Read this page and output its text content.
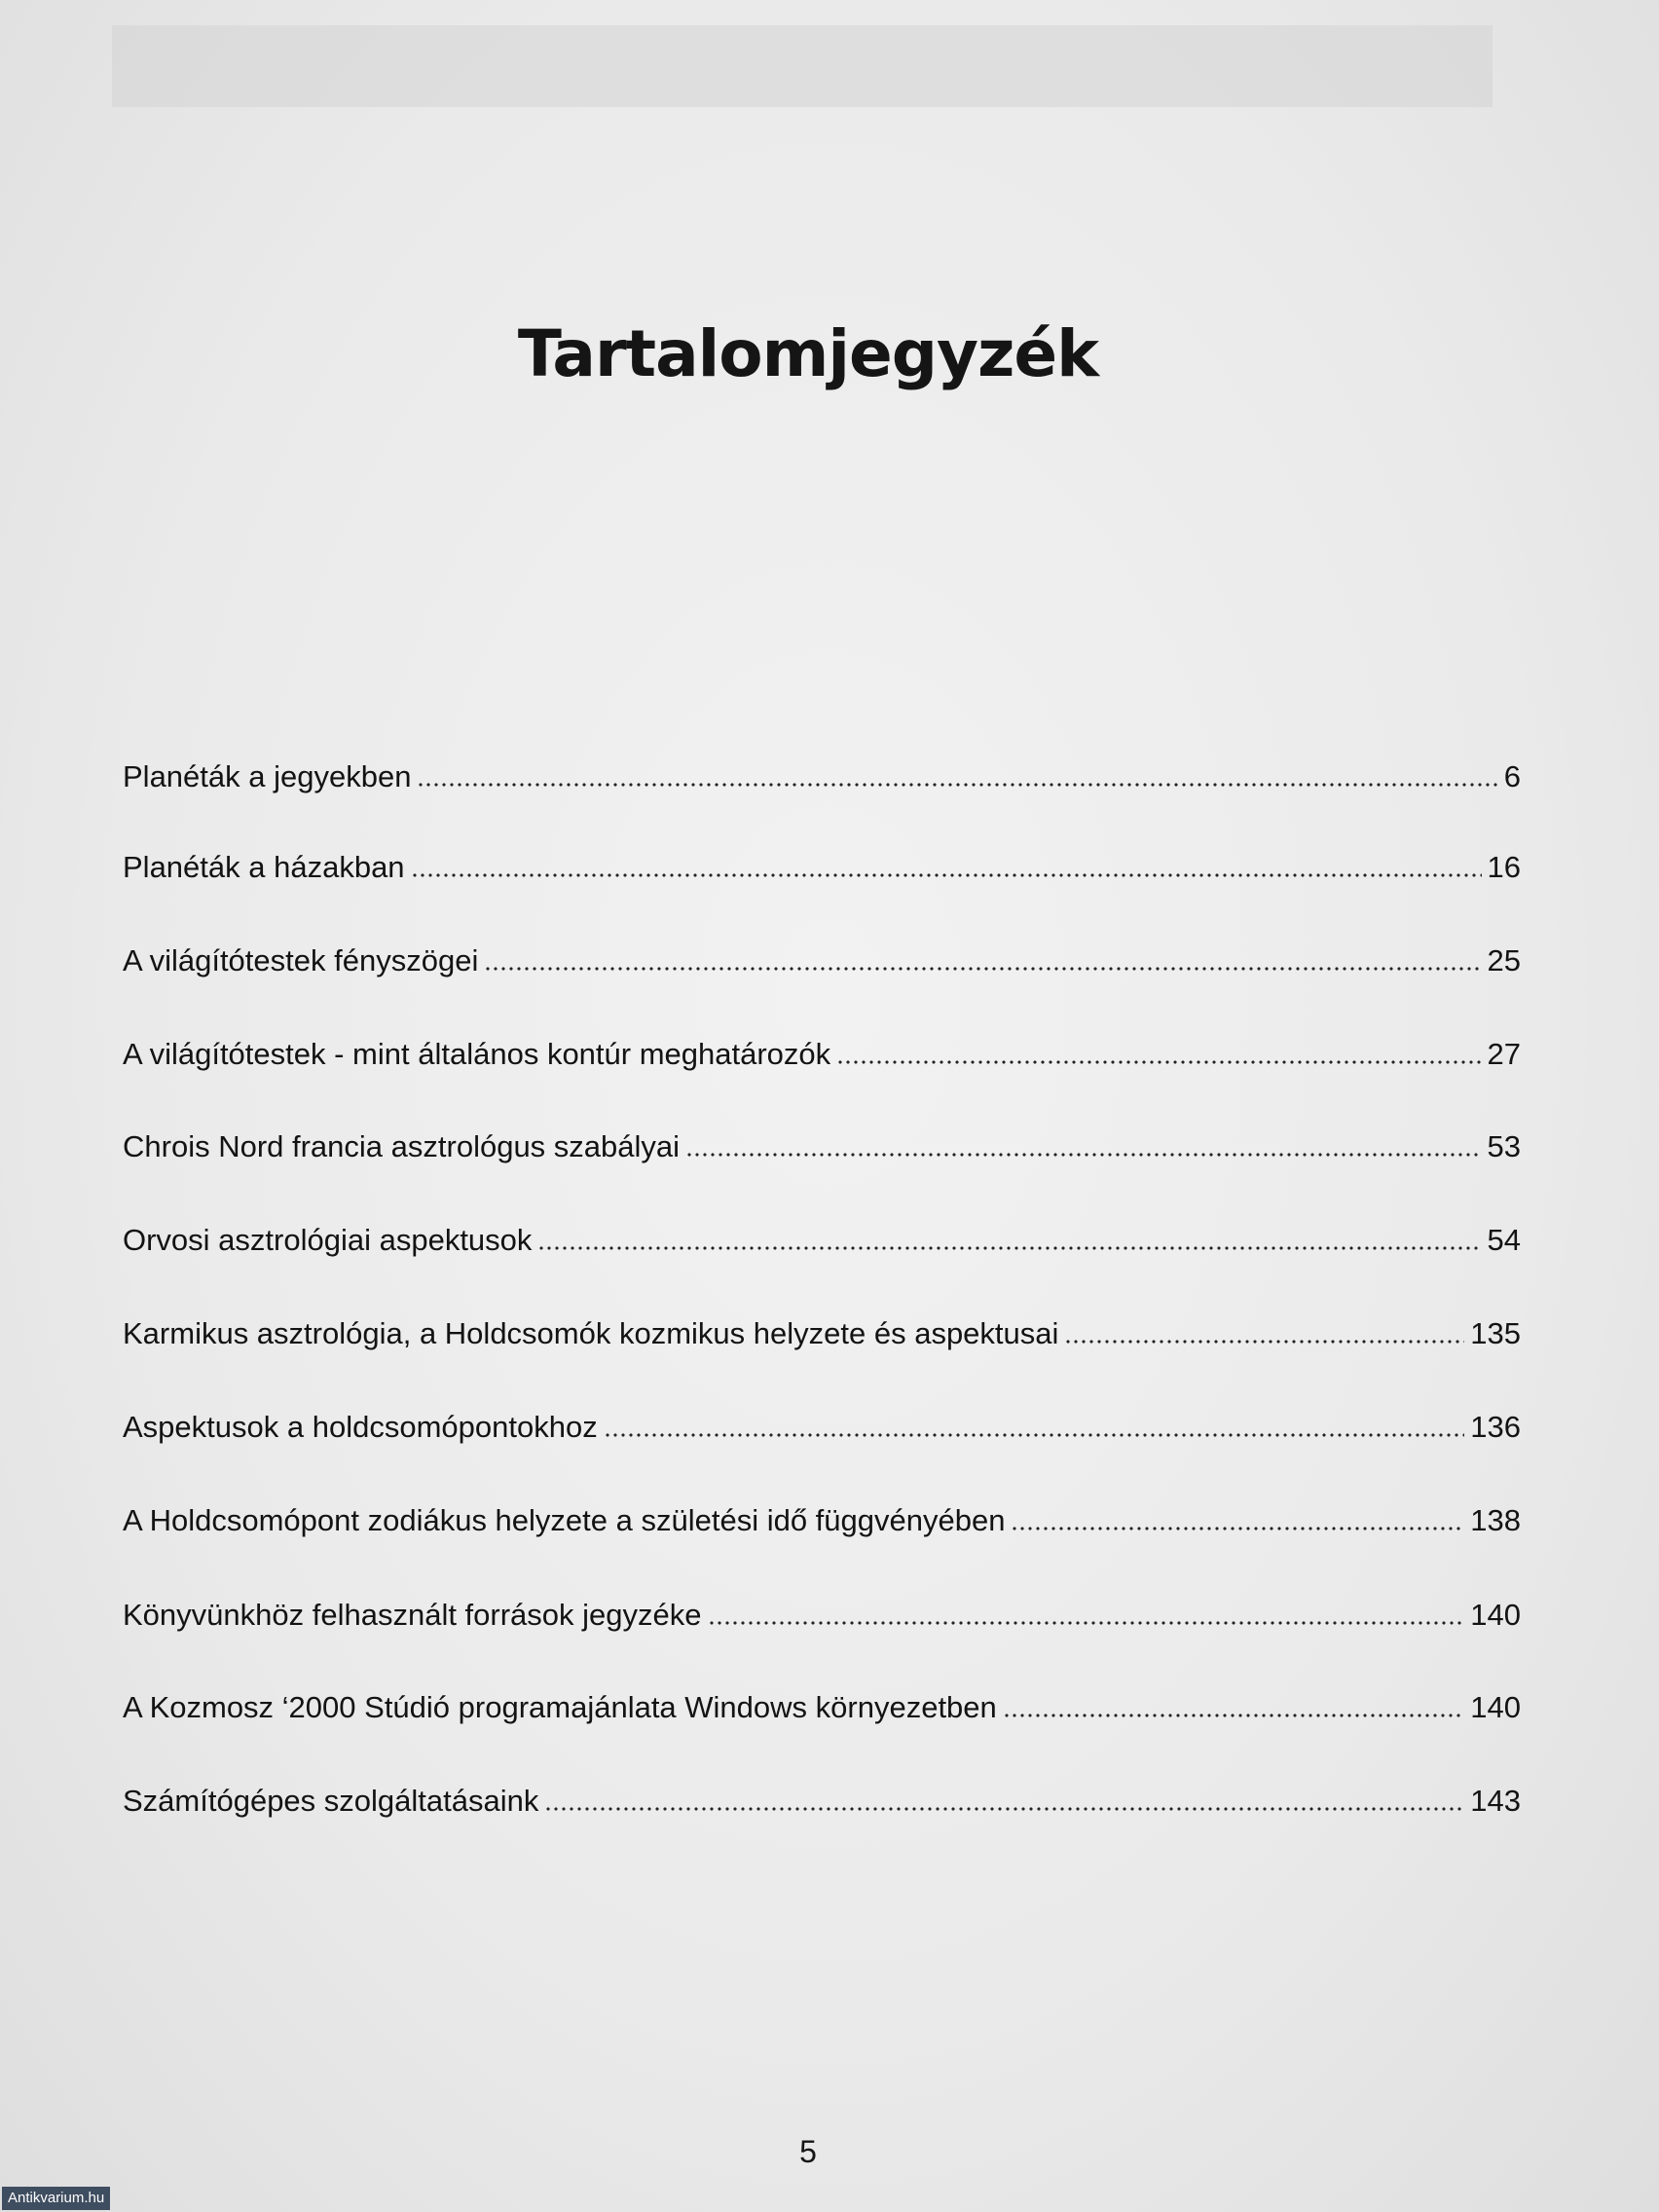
Tartalomjegyzék
Planéták a jegyekben	6
Planéták a házakban	16
A világítótestek fényszögei	25
A világítótestek - mint általános kontúr meghatározók	27
Chrois Nord francia asztrológus szabályai	53
Orvosi asztrológiai aspektusok	54
Karmikus asztrológia, a Holdcsomók kozmikus helyzete és aspektusai	135
Aspektusok a holdcsomópontokhoz	136
A Holdcsomópont zodiákus helyzete a születési idő függvényében	138
Könyvünkhöz felhasznált források jegyzéke	140
A Kozmosz ‘2000 Stúdió programajánlata Windows környezetben	140
Számítógépes szolgáltatásaink	143
5
Antikvarium.hu
